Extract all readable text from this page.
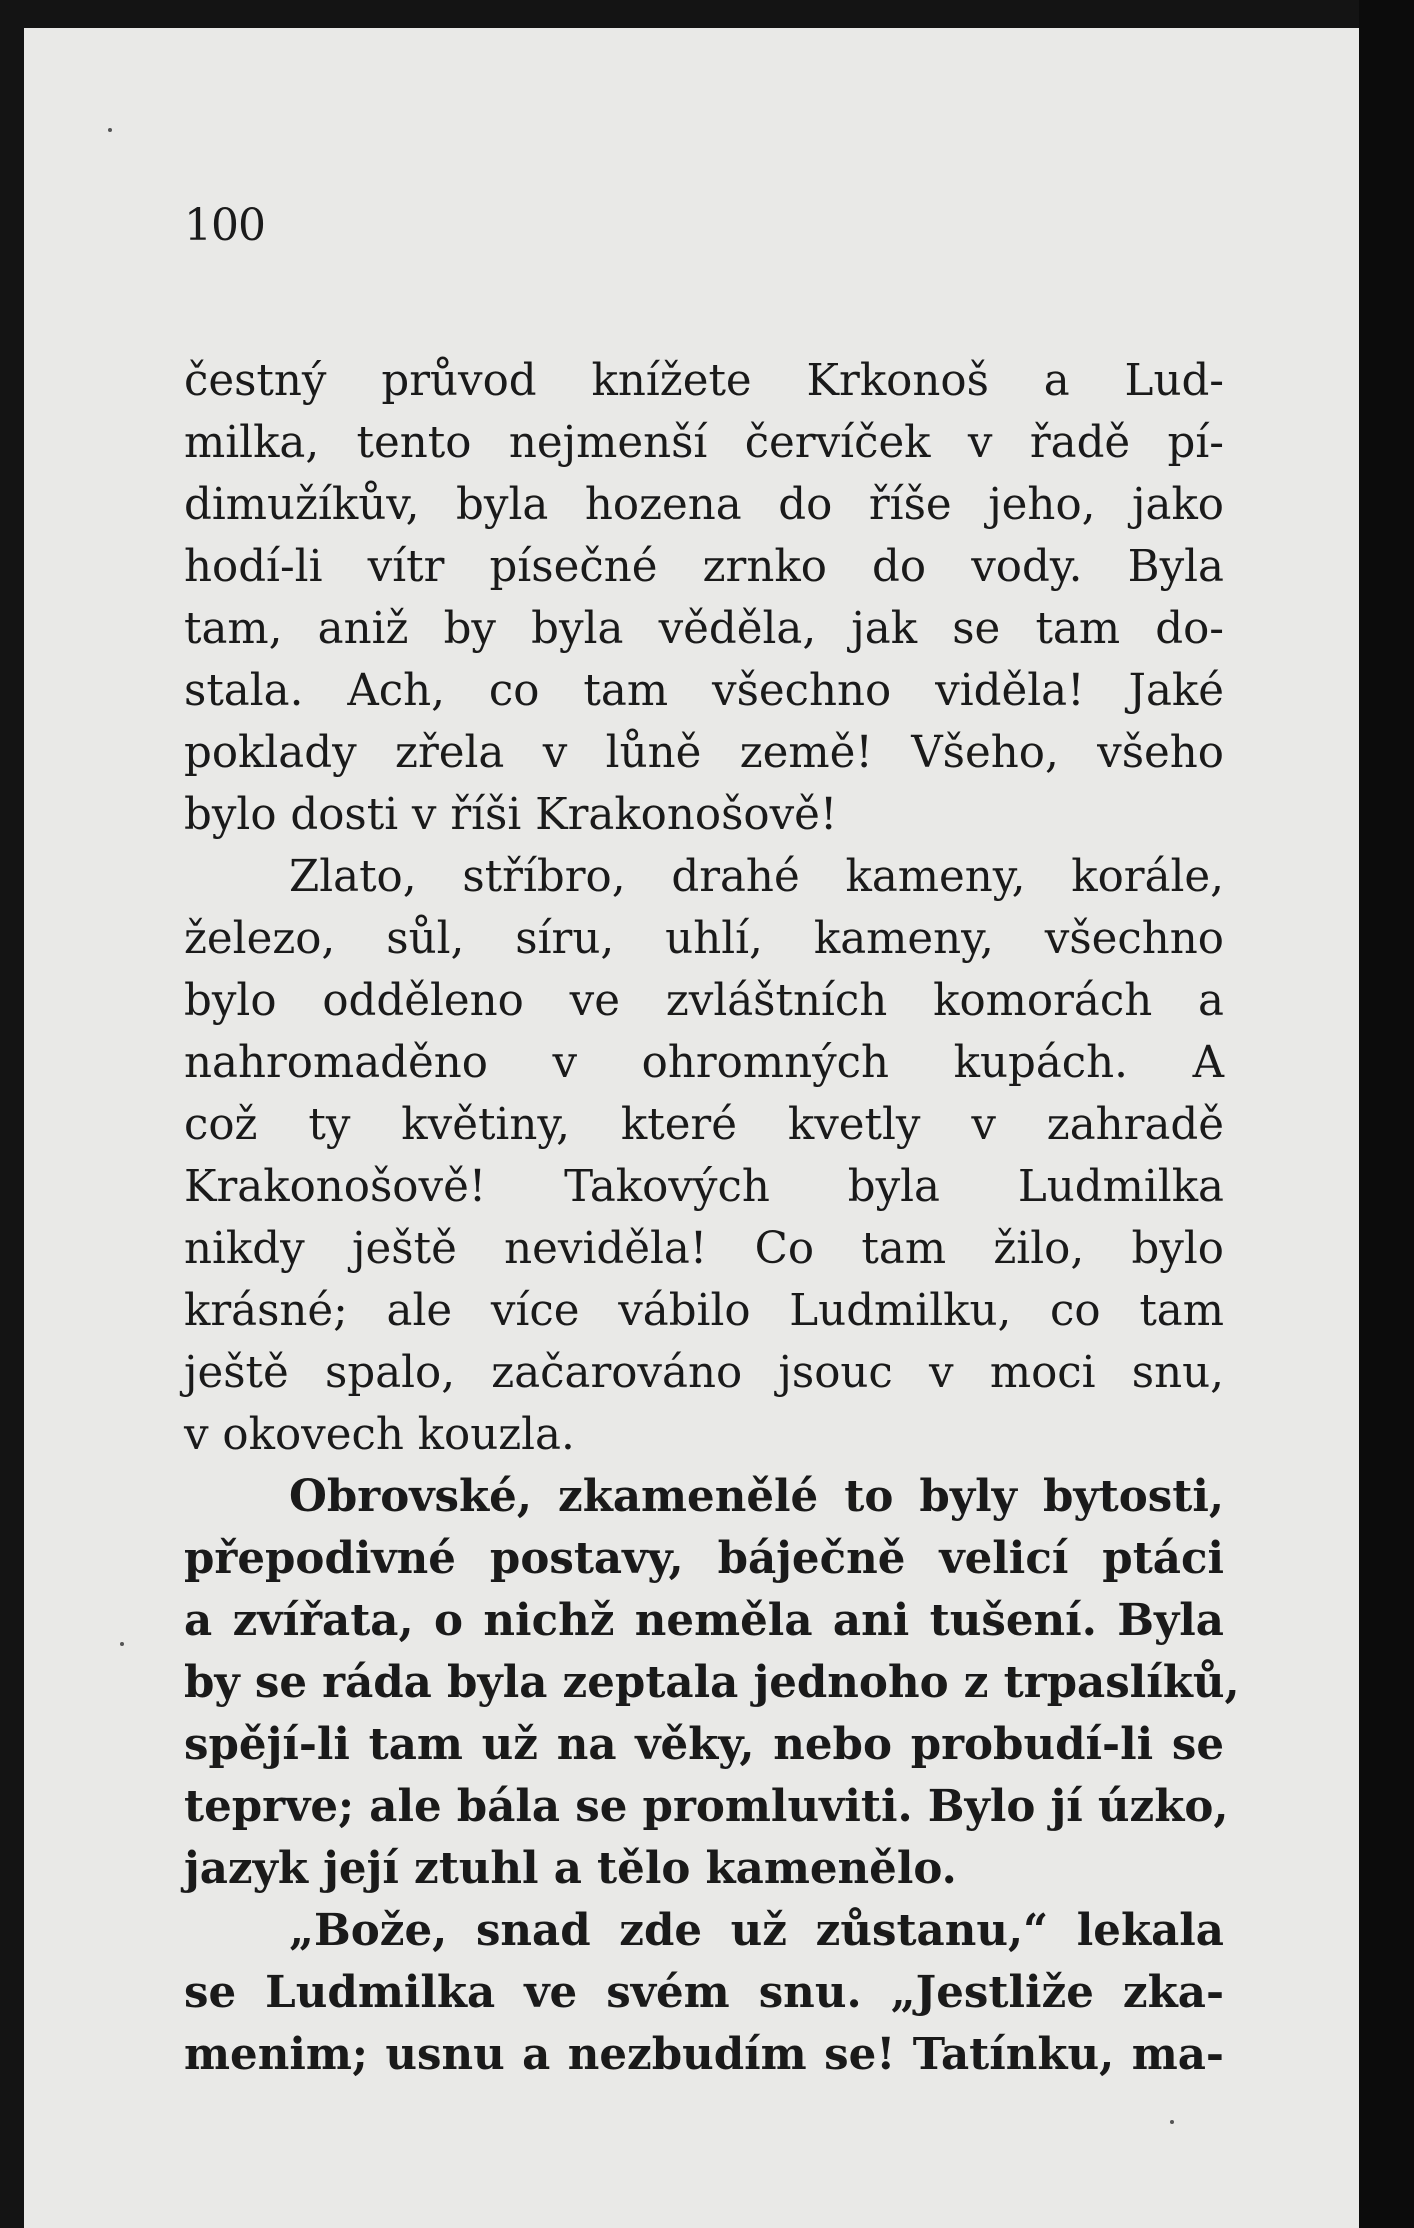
100
čestný průvod knížete Krkonoš a Lud-
milka, tento nejmenší červíček v řadě pí-
dimužíkův, byla hozena do říše jeho, jako
hodí-li vítr písečné zrnko do vody. Byla
tam, aniž by byla věděla, jak se tam do-
stala. Ach, co tam všechno viděla! Jaké
poklady zřela v lůně země! Všeho, všeho
bylo dosti v říši Krakonošově!
Zlato, stříbro, drahé kameny, korále,
železo, sůl, síru, uhlí, kameny, všechno
bylo odděleno ve zvláštních komorách a
nahromaděno v ohromných kupách. A
což ty květiny, které kvetly v zahradě
Krakonošově! Takových byla Ludmilka
nikdy ještě neviděla! Co tam žilo, bylo
krásné; ale více vábilo Ludmilku, co tam
ještě spalo, začarováno jsouc v moci snu,
v okovech kouzla.
Obrovské, zkamenělé to byly bytosti,
přepodivné postavy, báječně velicí ptáci
a zvířata, o nichž neměla ani tušení. Byla
by se ráda byla zeptala jednoho z trpaslíků,
spějí-li tam už na věky, nebo probudí-li se
teprve; ale bála se promluviti. Bylo jí úzko,
jazyk její ztuhl a tělo kamenělo.
„Bože, snad zde už zůstanu,“ lekala
se Ludmilka ve svém snu. „Jestliže zka-
menim; usnu a nezbudím se! Tatínku, ma-
